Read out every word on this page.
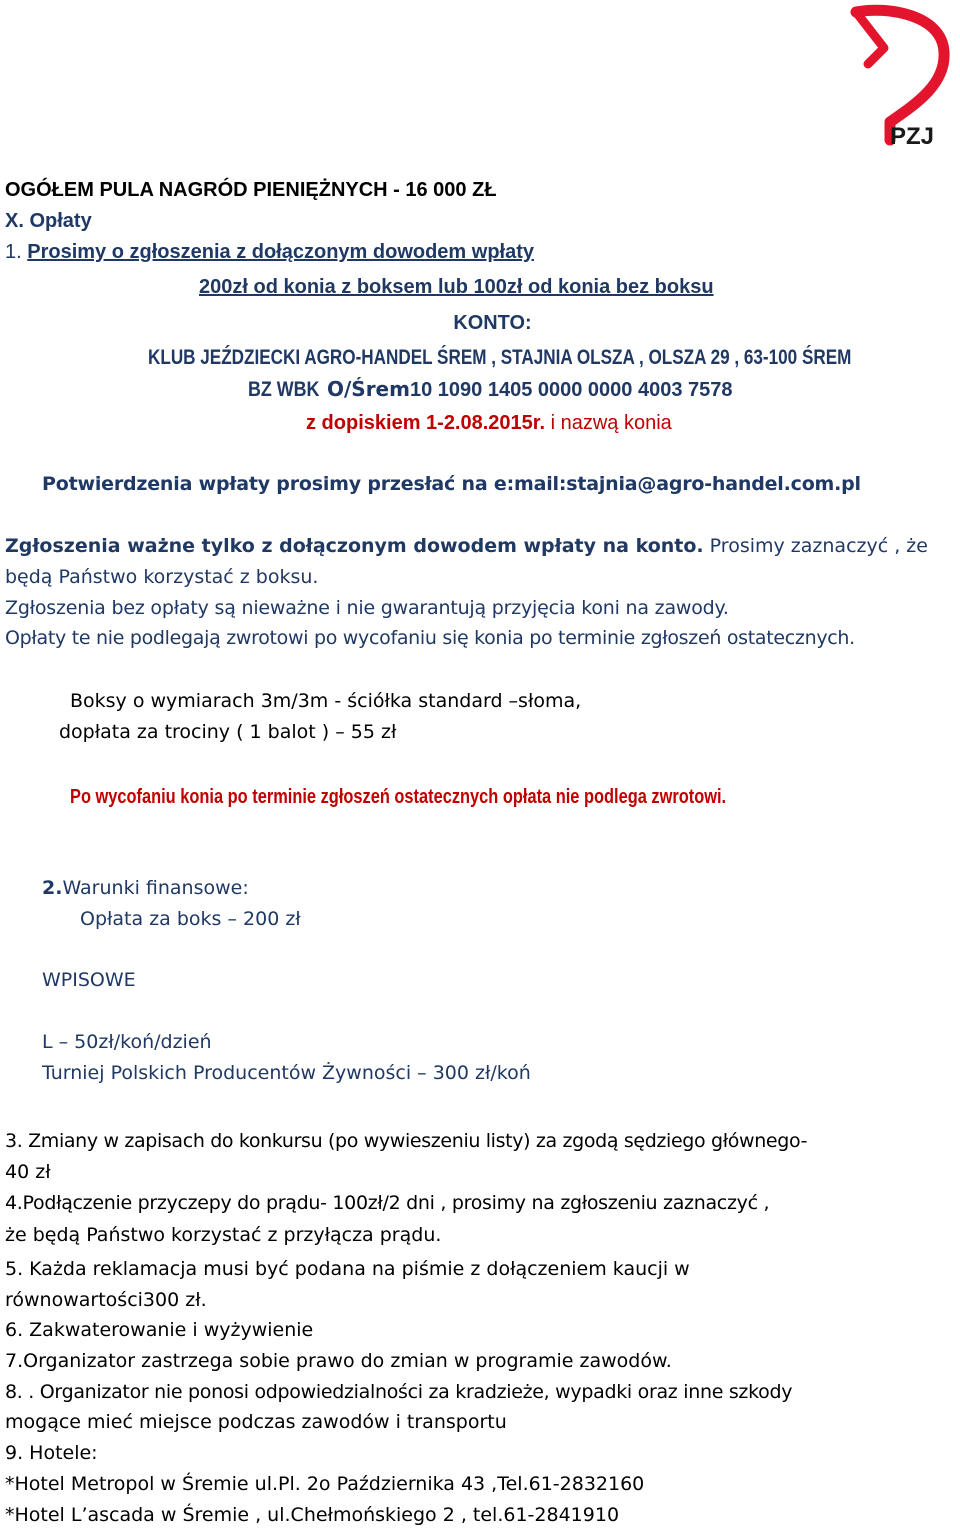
PZJ
OGÓŁEM PULA NAGRÓD PIENIĘŻNYCH - 16 000 ZŁ
X. Opłaty
1. Prosimy o zgłoszenia z dołączonym dowodem wpłaty
200zł od konia z boksem lub 100zł od konia bez boksu
KONTO:
KLUB JEŹDZIECKI AGRO-HANDEL ŚREM , STAJNIA OLSZA , OLSZA 29 , 63-100 ŚREM
BZ WBKO/Śrem10 1090 1405 0000 0000 4003 7578
z dopiskiem 1-2.08.2015r. i nazwą konia
Potwierdzenia wpłaty prosimy przesłać na e:mail:stajnia@agro-handel.com.pl
Zgłoszenia ważne tylko z dołączonym dowodem wpłaty na konto. Prosimy zaznaczyć , że
będą Państwo korzystać z boksu.
Zgłoszenia bez opłaty są nieważne i nie gwarantują przyjęcia koni na zawody.
Opłaty te nie podlegają zwrotowi po wycofaniu się konia po terminie zgłoszeń ostatecznych.
Boksy o wymiarach 3m/3m - ściółka standard –słoma,
dopłata za trociny ( 1 balot ) – 55 zł
Po wycofaniu konia po terminie zgłoszeń ostatecznych opłata nie podlega zwrotowi.
2.Warunki finansowe:
Opłata za boks – 200 zł
WPISOWE
L – 50zł/koń/dzień
Turniej Polskich Producentów Żywności – 300 zł/koń
3. Zmiany w zapisach do konkursu (po wywieszeniu listy) za zgodą sędziego głównego-
40 zł
4.Podłączenie przyczepy do prądu- 100zł/2 dni , prosimy na zgłoszeniu zaznaczyć ,
że będą Państwo korzystać z przyłącza prądu.
5. Każda reklamacja musi być podana na piśmie z dołączeniem kaucji w
równowartości300 zł.
6. Zakwaterowanie i wyżywienie
7.Organizator zastrzega sobie prawo do zmian w programie zawodów.
8. . Organizator nie ponosi odpowiedzialności za kradzieże, wypadki oraz inne szkody
mogące mieć miejsce podczas zawodów i transportu
9. Hotele:
*Hotel Metropol w Śremie ul.Pl. 2o Października 43 ,Tel.61-2832160
*Hotel L’ascada w Śremie , ul.Chełmońskiego 2 , tel.61-2841910
